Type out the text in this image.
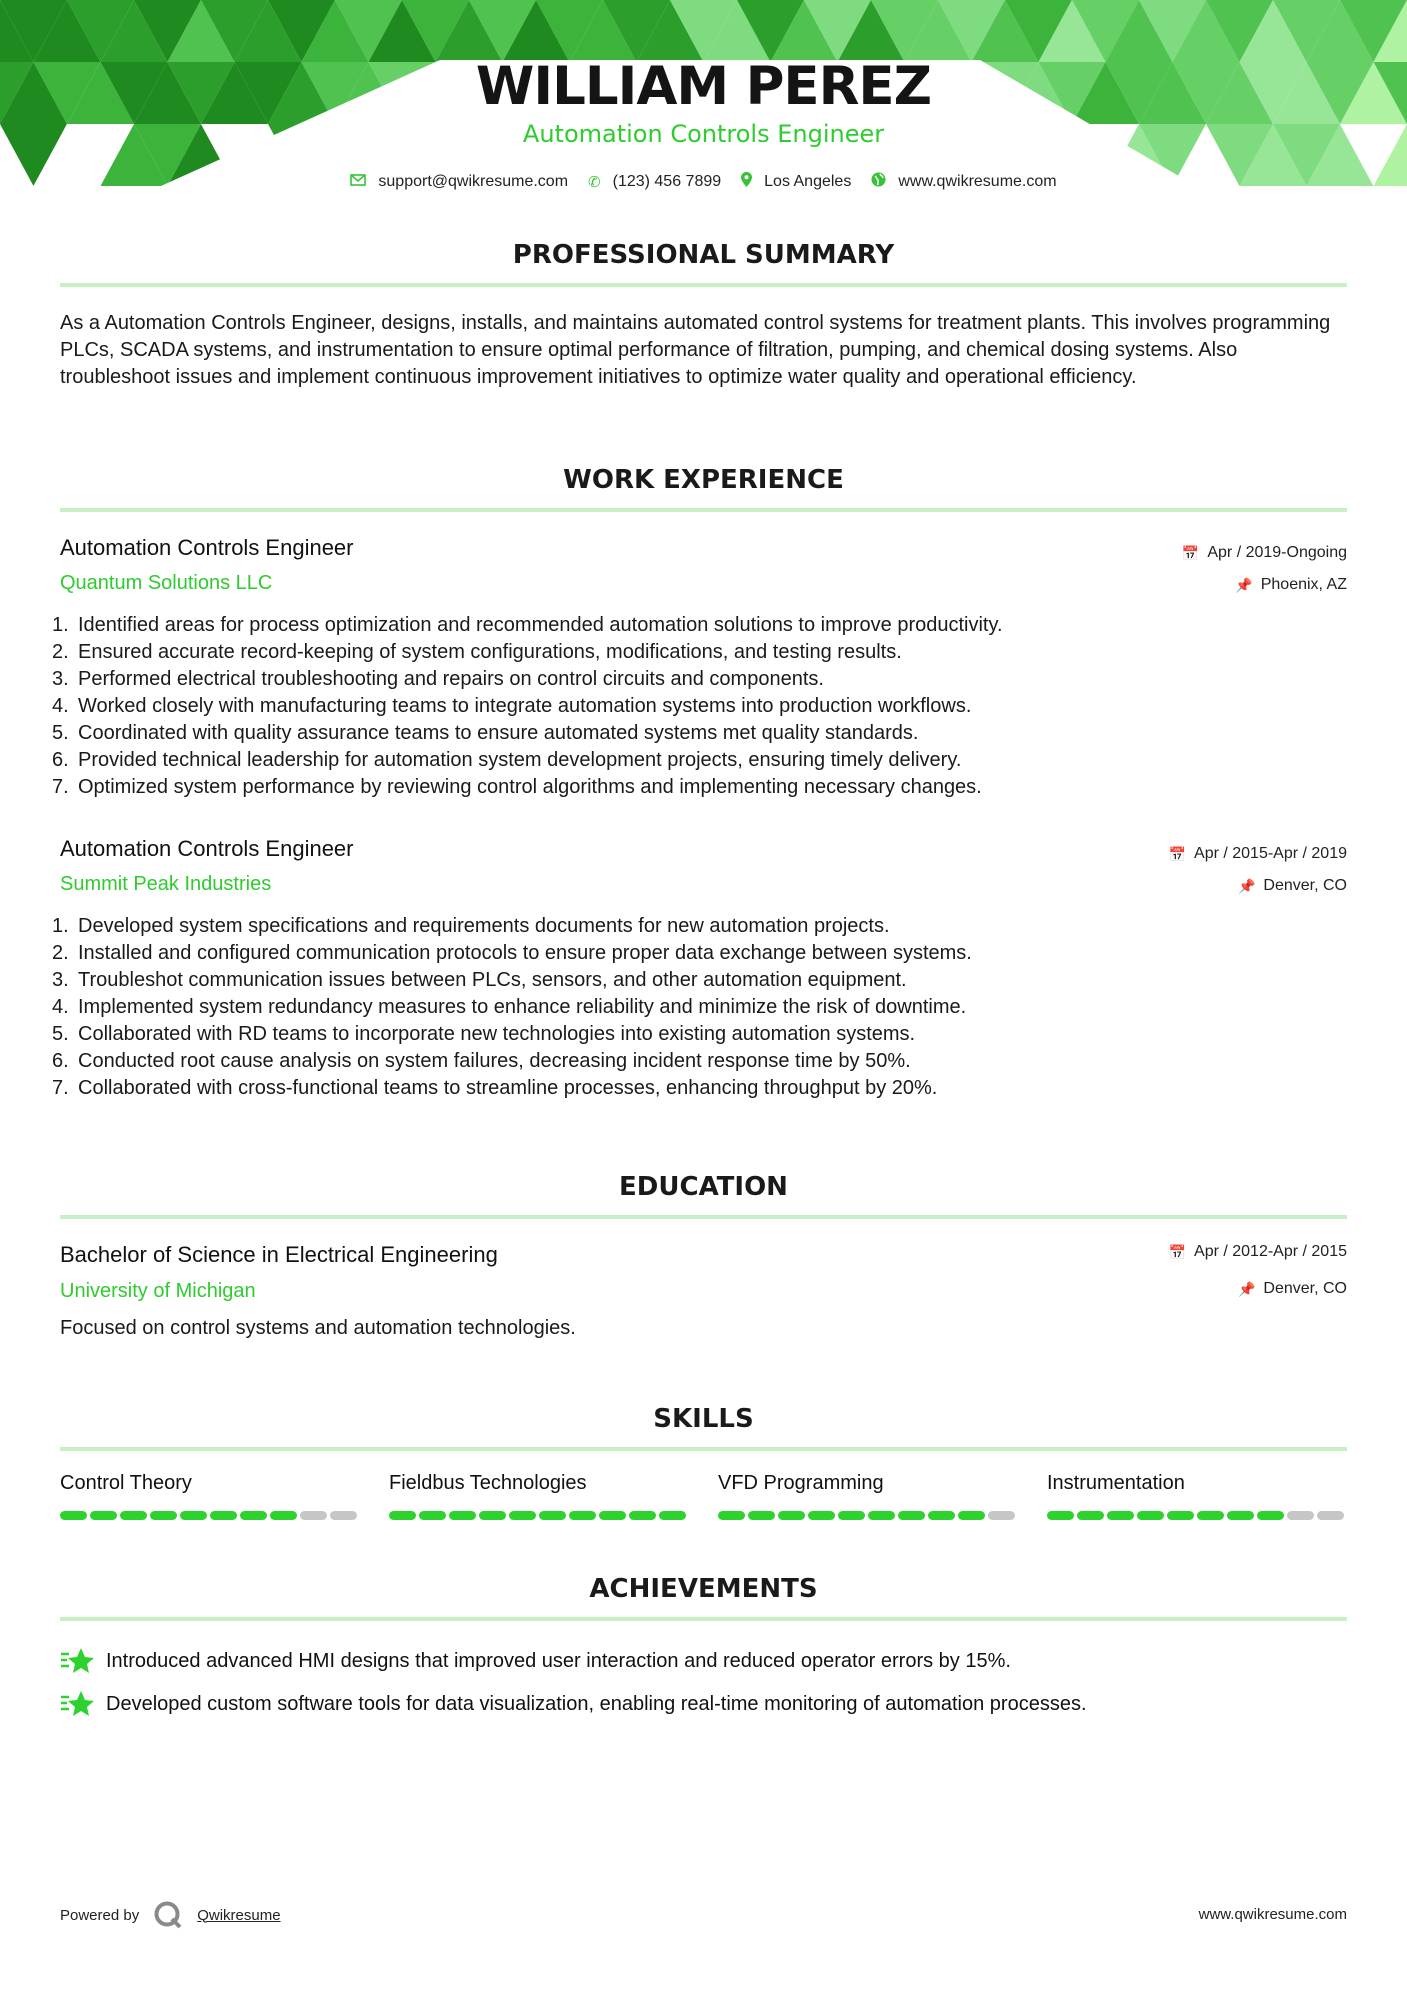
WILLIAM PEREZ
Automation Controls Engineer
support@qwikresume.com ✆ (123) 456 7899	Los Angeles	www.qwikresume.com
PROFESSIONAL SUMMARY
As a Automation Controls Engineer, designs, installs, and maintains automated control systems for treatment plants. This involves programming PLCs, SCADA systems, and instrumentation to ensure optimal performance of filtration, pumping, and chemical dosing systems. Also troubleshoot issues and implement continuous improvement initiatives to optimize water quality and operational efficiency.
WORK EXPERIENCE
Automation Controls Engineer
Quantum Solutions LLC
📅 Apr / 2019-Ongoing
📌 Phoenix, AZ
1. Identified areas for process optimization and recommended automation solutions to improve productivity.
2. Ensured accurate record-keeping of system configurations, modifications, and testing results.
3. Performed electrical troubleshooting and repairs on control circuits and components.
4. Worked closely with manufacturing teams to integrate automation systems into production workflows.
5. Coordinated with quality assurance teams to ensure automated systems met quality standards.
6. Provided technical leadership for automation system development projects, ensuring timely delivery.
7. Optimized system performance by reviewing control algorithms and implementing necessary changes.
Automation Controls Engineer
Summit Peak Industries
📅 Apr / 2015-Apr / 2019
📌 Denver, CO
1. Developed system specifications and requirements documents for new automation projects.
2. Installed and configured communication protocols to ensure proper data exchange between systems.
3. Troubleshot communication issues between PLCs, sensors, and other automation equipment.
4. Implemented system redundancy measures to enhance reliability and minimize the risk of downtime.
5. Collaborated with RD teams to incorporate new technologies into existing automation systems.
6. Conducted root cause analysis on system failures, decreasing incident response time by 50%.
7. Collaborated with cross-functional teams to streamline processes, enhancing throughput by 20%.
EDUCATION
Bachelor of Science in Electrical Engineering
University of Michigan
📅 Apr / 2012-Apr / 2015
📌 Denver, CO
Focused on control systems and automation technologies.
SKILLS
Control Theory	Fieldbus Technologies	VFD Programming	Instrumentation
ACHIEVEMENTS
Introduced advanced HMI designs that improved user interaction and reduced operator errors by 15%.
Developed custom software tools for data visualization, enabling real-time monitoring of automation processes.
Powered by	Qwikresume	www.qwikresume.com
